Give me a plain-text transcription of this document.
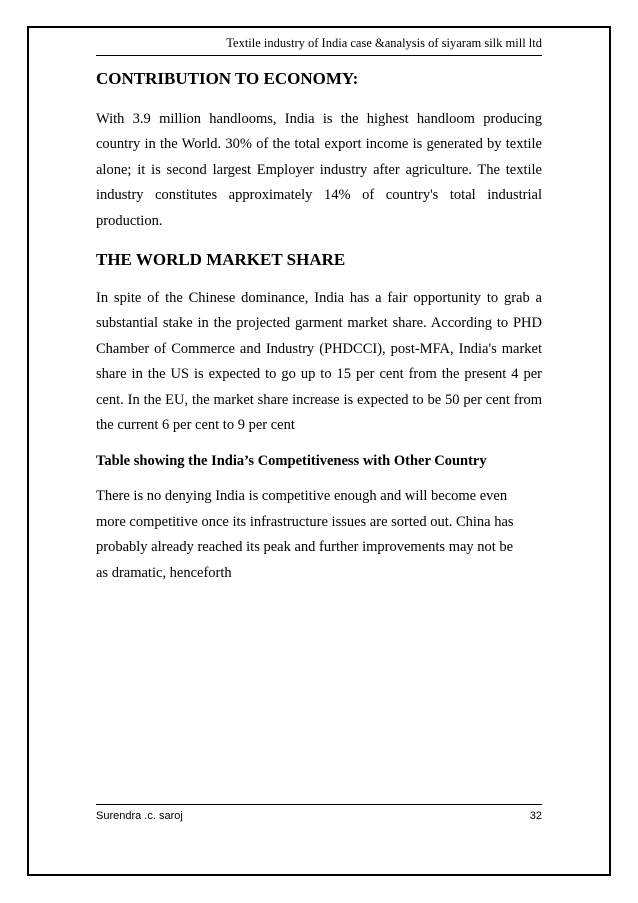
Textile industry of India case &analysis of siyaram silk mill ltd
CONTRIBUTION TO ECONOMY:

With 3.9 million handlooms, India is the highest handloom producing country in the World. 30% of the total export income is generated by textile alone; it is second largest Employer industry after agriculture. The textile industry constitutes approximately 14% of country's total industrial production.

THE WORLD MARKET SHARE

In spite of the Chinese dominance, India has a fair opportunity to grab a substantial stake in the projected garment market share. According to PHD Chamber of Commerce and Industry (PHDCCI), post-MFA, India's market share in the US is expected to go up to 15 per cent from the present 4 per cent. In the EU, the market share increase is expected to be 50 per cent from the current 6 per cent to 9 per cent

Table showing the India’s Competitiveness with Other Country

There is no denying India is competitive enough and will become even

more competitive once its infrastructure issues are sorted out. China has

probably already reached its peak and further improvements may not be

as dramatic, henceforth

Surendra .c. saroj	32
